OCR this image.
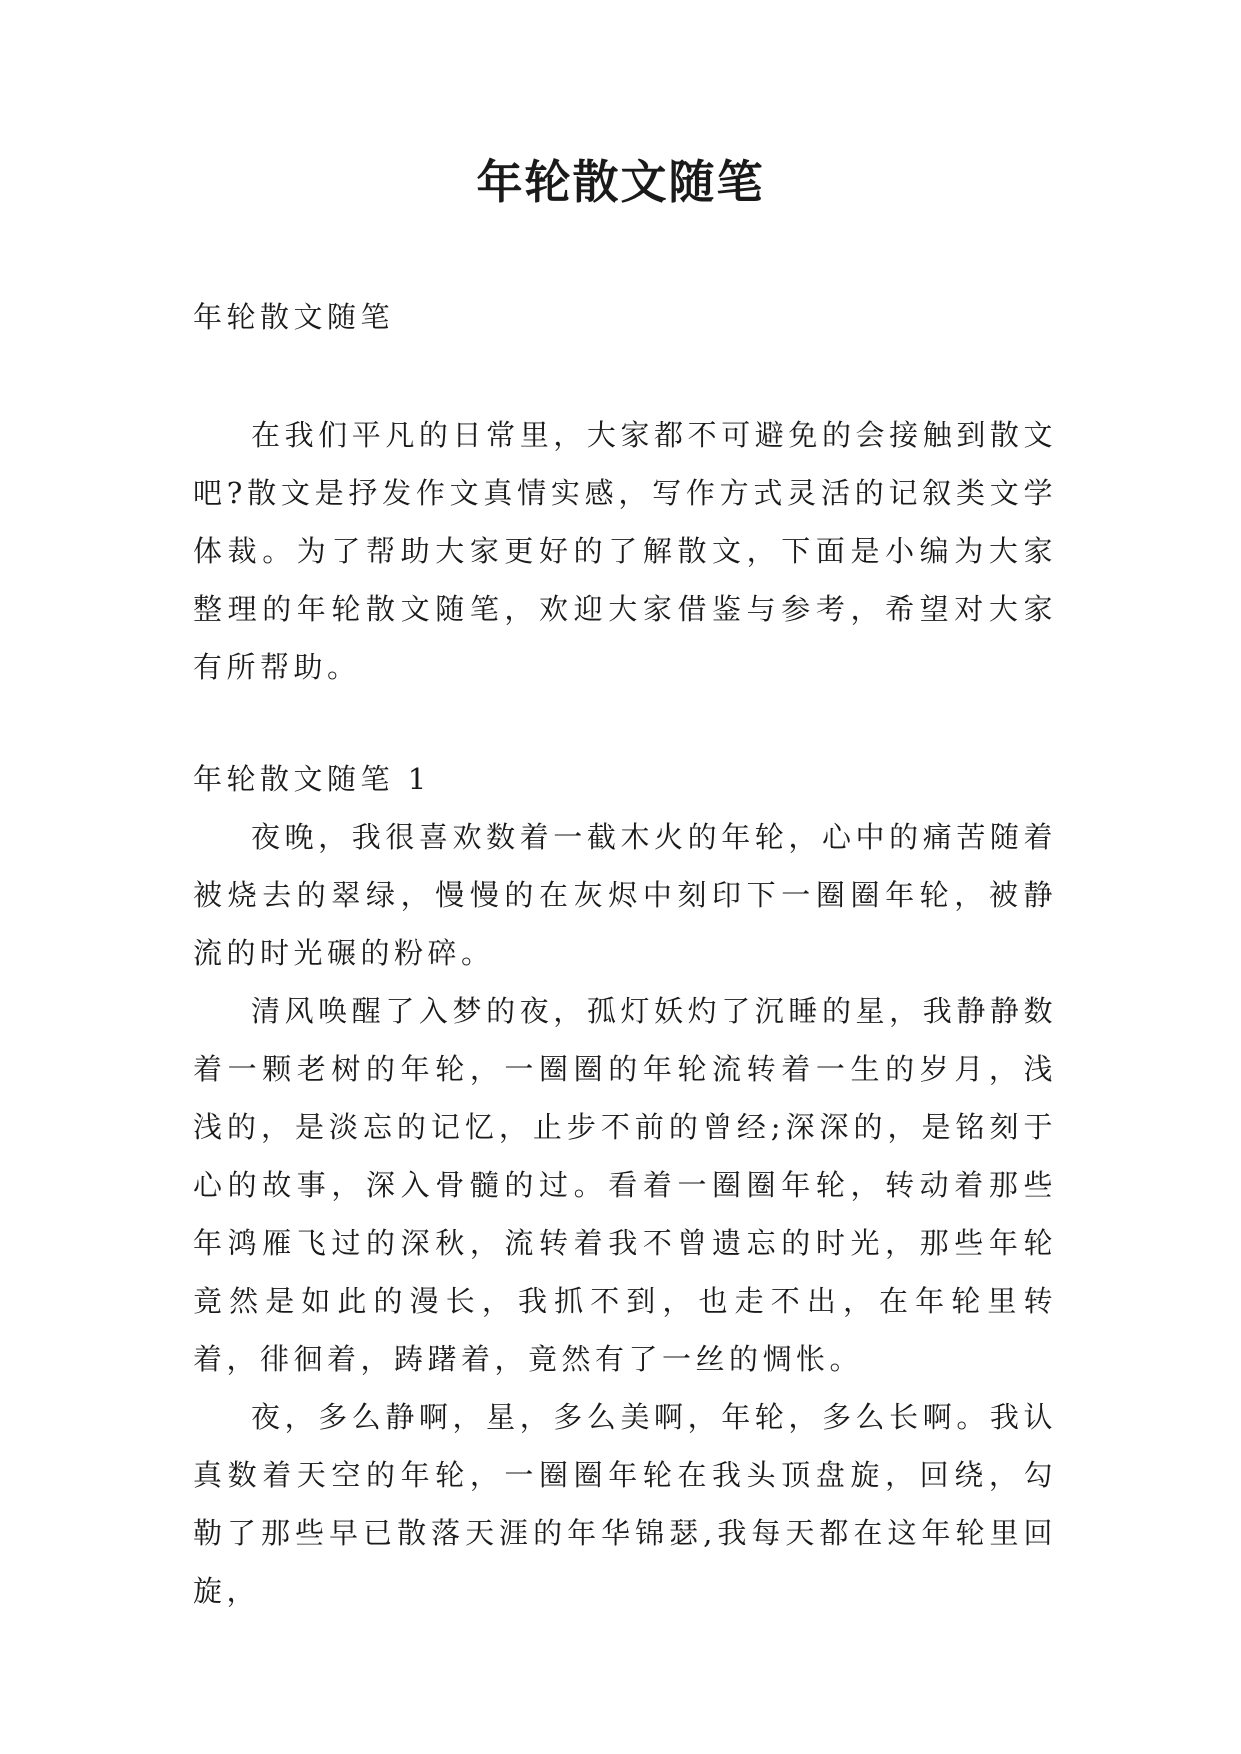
年轮散文随笔

年轮散文随笔

在我们平凡的日常里，大家都不可避免的会接触到散文吧?散文是抒发作文真情实感，写作方式灵活的记叙类文学体裁。为了帮助大家更好的了解散文，下面是小编为大家整理的年轮散文随笔，欢迎大家借鉴与参考，希望对大家有所帮助。

年轮散文随笔 1

夜晚，我很喜欢数着一截木火的年轮，心中的痛苦随着被烧去的翠绿，慢慢的在灰烬中刻印下一圈圈年轮，被静流的时光碾的粉碎。

清风唤醒了入梦的夜，孤灯妖灼了沉睡的星，我静静数着一颗老树的年轮，一圈圈的年轮流转着一生的岁月，浅浅的，是淡忘的记忆，止步不前的曾经;深深的，是铭刻于心的故事，深入骨髓的过。看着一圈圈年轮，转动着那些年鸿雁飞过的深秋，流转着我不曾遗忘的时光，那些年轮竟然是如此的漫长，我抓不到，也走不出，在年轮里转着，徘徊着，踌躇着，竟然有了一丝的惆怅。

夜，多么静啊，星，多么美啊，年轮，多么长啊。我认真数着天空的年轮，一圈圈年轮在我头顶盘旋，回绕，勾勒了那些早已散落天涯的年华锦瑟,我每天都在这年轮里回旋，
